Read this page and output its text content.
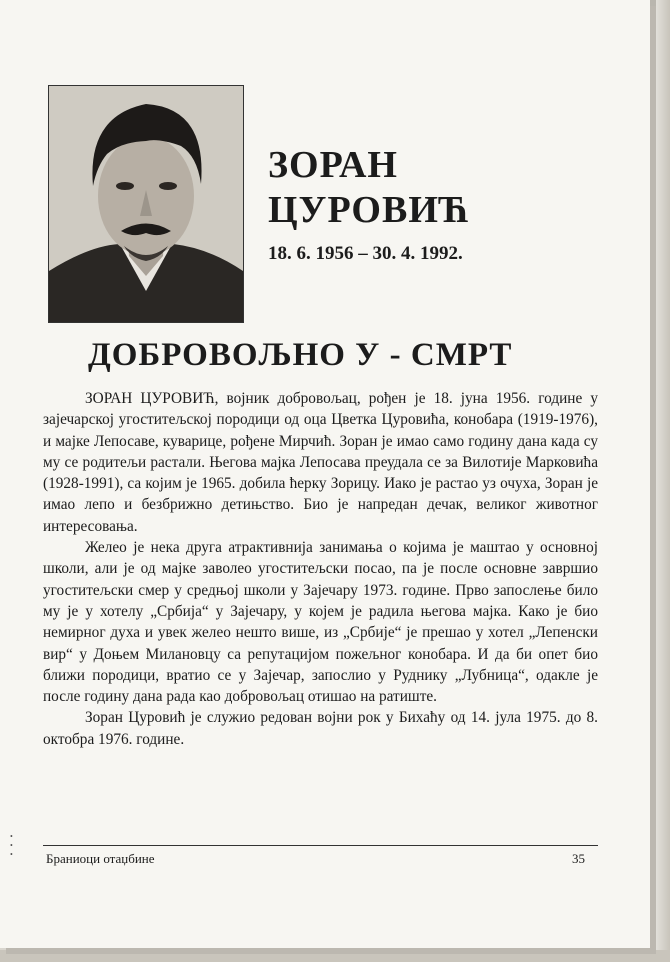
ЗОРАН
ЦУРОВИЋ
18. 6. 1956 – 30. 4. 1992.
ДОБРОВОЉНО У - СМРТ

ЗОРАН ЦУРОВИЋ, војник добровољац, рођен је 18. јуна 1956. године у зајечарској угоститељској породици од оца Цветка Цуровића, конобара (1919-1976), и мајке Лепосаве, куварице, рођене Мирчић. Зоран је имао само годину дана када су му се родитељи растали. Његова мајка Лепосава преудала се за Вилотије Марковића (1928-1991), са којим је 1965. добила ћерку Зорицу. Иако је растао уз очуха, Зоран је имао лепо и безбрижно детињство. Био је напредан дечак, великог животног интересовања.

Желео је нека друга атрактивнија занимања о којима је маштао у основној школи, али је од мајке заволео угоститељски посао, па је после основне завршио угоститељски смер у средњој школи у Зајечару 1973. године. Прво запослење било му је у хотелу „Србија“ у Зајечару, у којем је радила његова мајка. Како је био немирног духа и увек желео нешто више, из „Србије“ је прешао у хотел „Лепенски вир“ у Доњем Милановцу са репутацијом пожељног конобара. И да би опет био ближи породици, вратио се у Зајечар, запослио у Руднику „Лубница“, одакле је после годину дана рада као добровољац отишао на ратиште.

Зоран Цуровић је служио редован војни рок у Бихаћу од 14. јула 1975. до 8. октобра 1976. године.

•
•
•	Браниоци отаџбине	35
